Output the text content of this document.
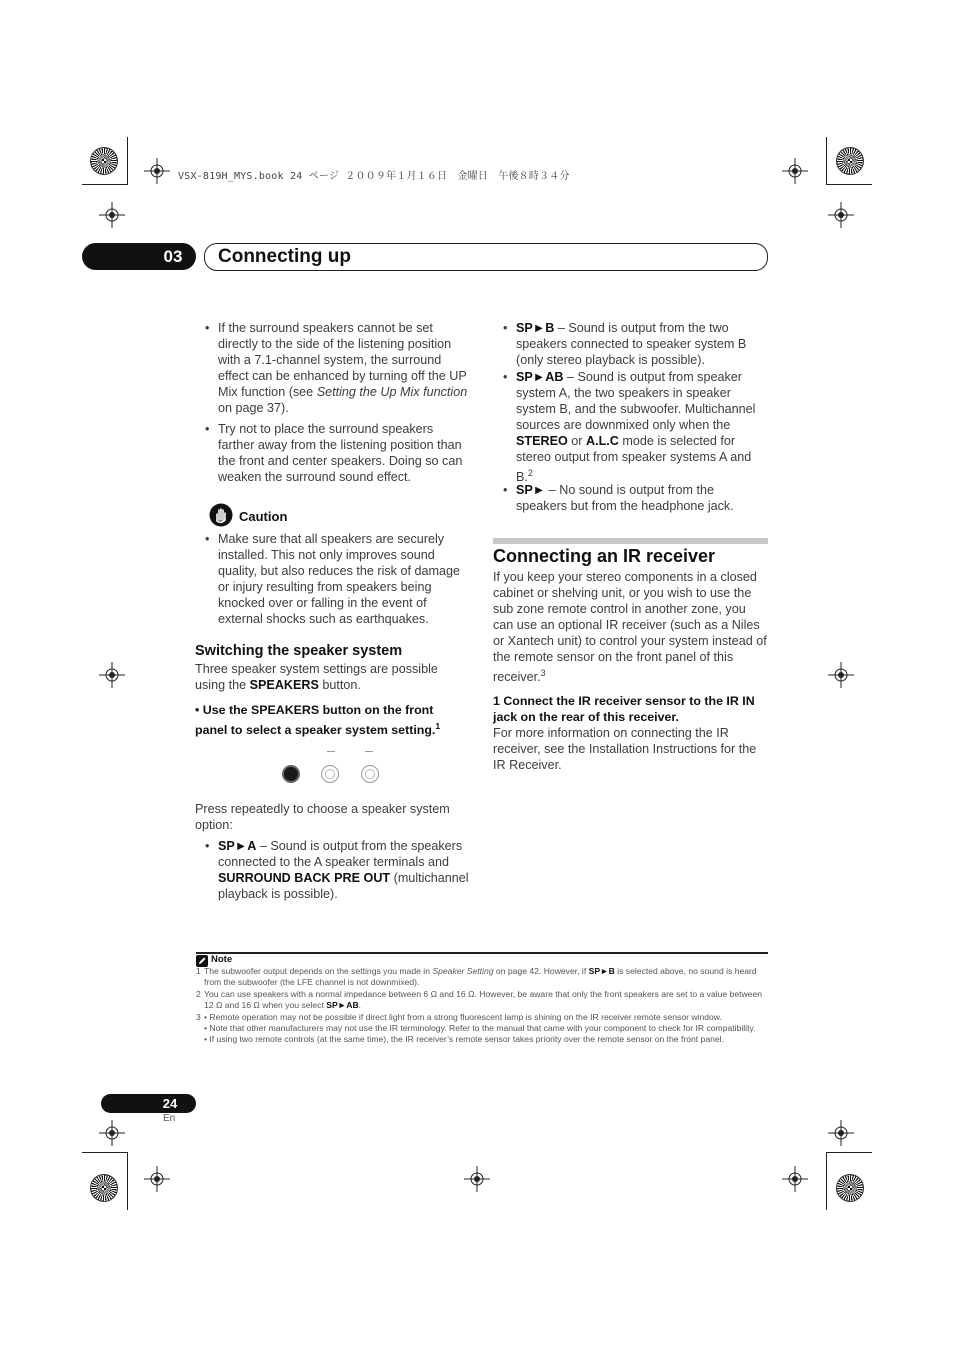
VSX-819H_MYS.book 24 ページ ２００９年１月１６日　金曜日　午後８時３４分
03	Connecting up
• If the surround speakers cannot be set directly to the side of the listening position with a 7.1-channel system, the surround effect can be enhanced by turning off the UP Mix function (see Setting the Up Mix function on page 37).
• Try not to place the surround speakers farther away from the listening position than the front and center speakers. Doing so can weaken the surround sound effect.
Caution
• Make sure that all speakers are securely installed. This not only improves sound quality, but also reduces the risk of damage or injury resulting from speakers being knocked over or falling in the event of external shocks such as earthquakes.
Switching the speaker system
Three speaker system settings are possible using the SPEAKERS button.
• Use the SPEAKERS button on the front panel to select a speaker system setting.$^1$
Press repeatedly to choose a speaker system option:
• SP►A – Sound is output from the speakers connected to the A speaker terminals and SURROUND BACK PRE OUT (multichannel playback is possible).
• SP►B – Sound is output from the two speakers connected to speaker system B (only stereo playback is possible).
• SP►AB – Sound is output from speaker system A, the two speakers in speaker system B, and the subwoofer. Multichannel sources are downmixed only when the STEREO or A.L.C mode is selected for stereo output from speaker systems A and B.$^2$
• SP► – No sound is output from the speakers but from the headphone jack.
Connecting an IR receiver
If you keep your stereo components in a closed cabinet or shelving unit, or you wish to use the sub zone remote control in another zone, you can use an optional IR receiver (such as a Niles or Xantech unit) to control your system instead of the remote sensor on the front panel of this receiver.$^3$
1 Connect the IR receiver sensor to the IR IN jack on the rear of this receiver.
For more information on connecting the IR receiver, see the Installation Instructions for the IR Receiver.
Note
1 The subwoofer output depends on the settings you made in Speaker Setting on page 42. However, if SP►B is selected above, no sound is heard from the subwoofer (the LFE channel is not downmixed).
2 You can use speakers with a normal impedance between 6 Ω and 16 Ω. However, be aware that only the front speakers are set to a value between 12 Ω and 16 Ω when you select SP►AB.
3 • Remote operation may not be possible if direct light from a strong fluorescent lamp is shining on the IR receiver remote sensor window.
• Note that other manufacturers may not use the IR terminology. Refer to the manual that came with your component to check for IR compatibility.
• If using two remote controls (at the same time), the IR receiver’s remote sensor takes priority over the remote sensor on the front panel.
24
En
